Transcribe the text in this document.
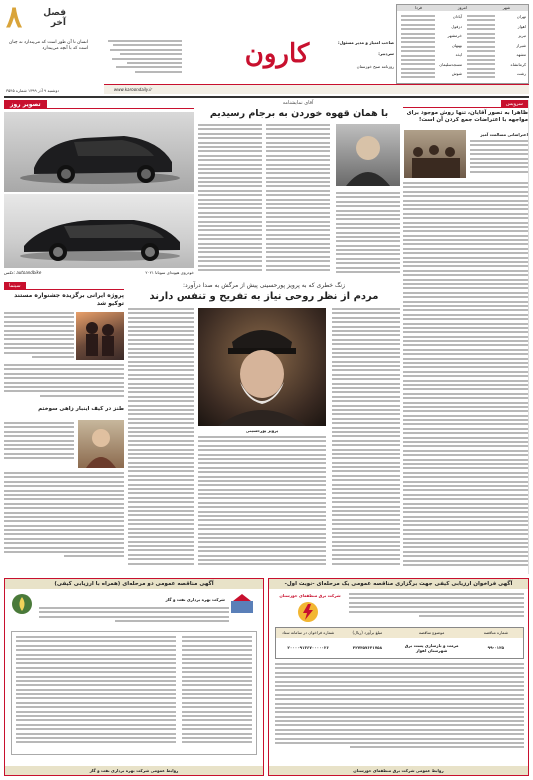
۸	فصل آخر
انسان تا آن طور است که می‌پندارد نه چنان است که با آنچه می‌پندارد
دوشنبه ۹ آذر ۱۳۹۹ شماره ۳۵۴۵
کارون	صاحب امتیاز و مدیر مسئول:
سردبیر:
روزنامه صبح خوزستان
شهر
امروز
فردا
تهران
اهواز
تبریز
شیراز
مشهد
کرمانشاه
رشت
آبادان
دزفول
خرمشهر
بهبهان
ایذه
مسجدسلیمان
شوش
www.karoondaily.ir
تصویر روز
خودروی هیوندای سوناتا ۲۰۲۱
عکس: autoandbike
سینما
پروژه ایرانی برگزیده جشنواره مستند توکیو شد
طنز در کیف اینبار زاهی سوختم
آقای نمایشنامه
با همان قهوه خوردن به برجام رسیدیم
زنگ خطری که به پرویز پورحسینی پیش از مرگش به صدا درآورد:
مردم از نظر روحی نیاز به تفریح و تنفس دارند
پرویز پورحسینی
سرویس
ظاهرا به تصور آقایان، تنها روش موجود برای مواجهه با اعتراضات جمع کردن آن است!
اعتراضاتی مسالمت آمیز
آگهی فراخوان ارزیابی کیفی جهت برگزاری مناقصه عمومی یک مرحله‌ای -نوبت اول-
شرکت برق منطقه‌ای خوزستان
شماره مناقصه
موضوع مناقصه
مبلغ برآورد (ریال)
شماره فراخوان در سامانه ستاد
۹۹-۰۱۲۵
مرمت و بازسازی پست برق شهرستان اهواز
۴۲۷۴۵۷۶۴۱۷۵۸
۲۰۰۰۰۹۱۳۶۷۰۰۰۰۰۲۶
روابط عمومی شرکت برق منطقه‌ای خوزستان
آگهی مناقصه عمومی دو مرحله‌ای (همراه با ارزیابی کیفی)
شرکت بهره برداری نفت و گاز
روابط عمومی شرکت بهره برداری نفت و گاز
